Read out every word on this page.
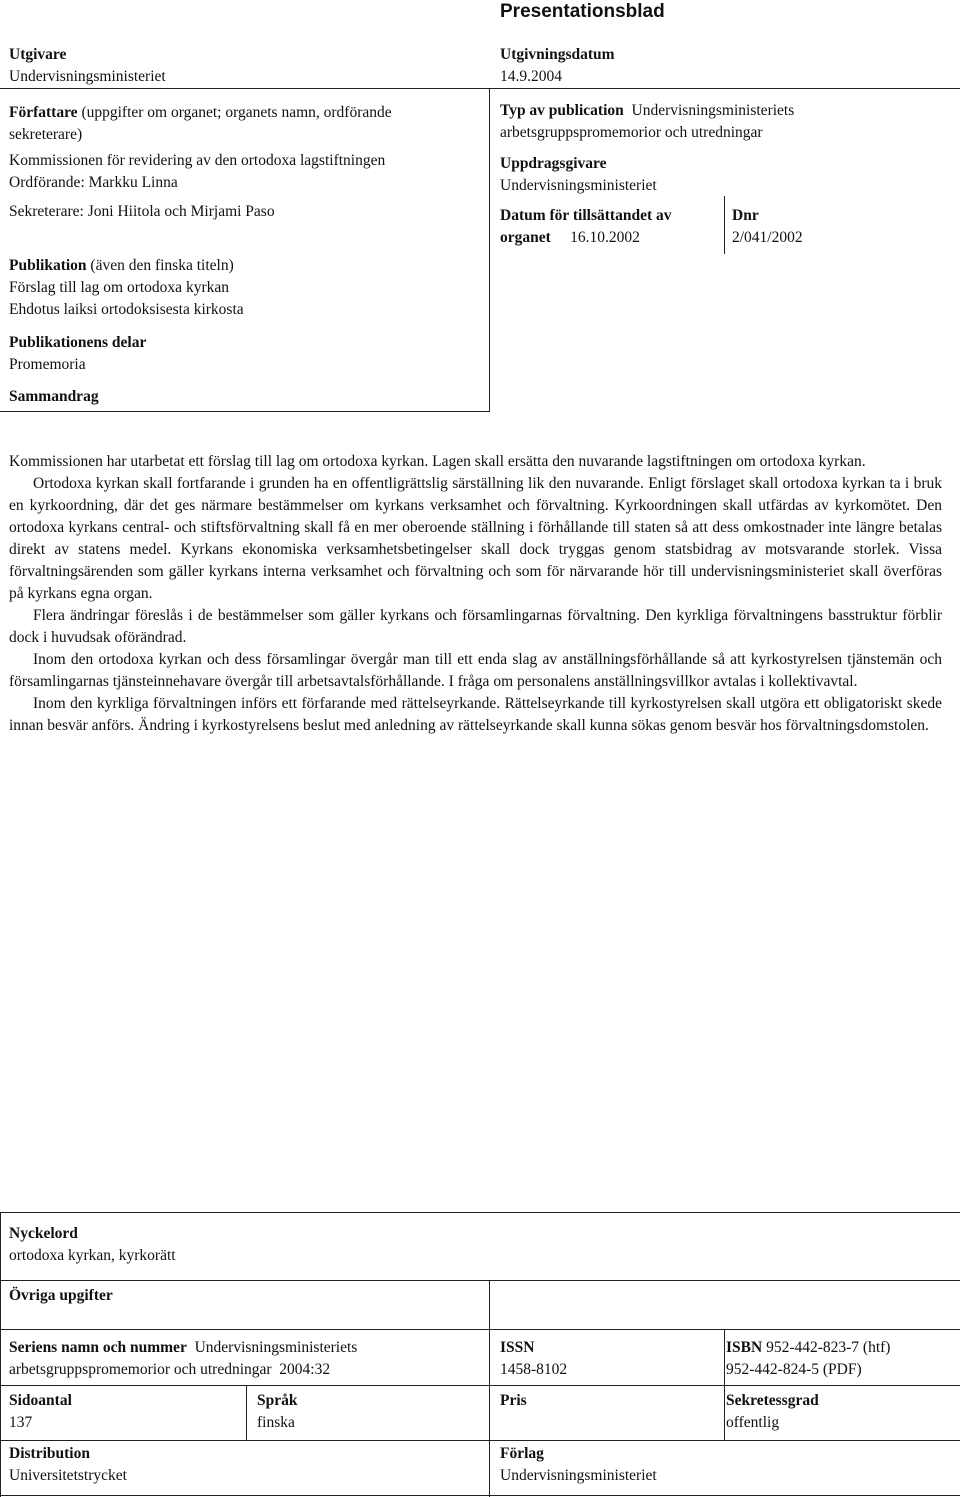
Presentationsblad
Utgivare
Undervisningsministeriet
Utgivningsdatum
14.9.2004
Författare (uppgifter om organet; organets namn, ordförande
sekreterare)
Kommissionen för revidering av den ortodoxa lagstiftningen
Ordförande: Markku Linna
Sekreterare: Joni Hiitola och Mirjami Paso
Publikation (även den finska titeln)
Förslag till lag om ortodoxa kyrkan
Ehdotus laiksi ortodoksisesta kirkosta
Publikationens delar
Promemoria
Typ av publication Undervisningsministeriets
arbetsgruppspromemorior och utredningar
Uppdragsgivare
Undervisningsministeriet
Datum för tillsättandet av
organet 16.10.2002
Dnr
2/041/2002
Sammandrag

Kommissionen har utarbetat ett förslag till lag om ortodoxa kyrkan. Lagen skall ersätta den nuvarande lagstiftningen om ortodoxa kyrkan.

Ortodoxa kyrkan skall fortfarande i grunden ha en offentligrättslig särställning lik den nuvarande. Enligt förslaget skall ortodoxa kyrkan ta i bruk en kyrkoordning, där det ges närmare bestämmelser om kyrkans verksamhet och förvaltning. Kyrkoordningen skall utfärdas av kyrkomötet. Den ortodoxa kyrkans central- och stiftsförvaltning skall få en mer oberoende ställning i förhållande till staten så att dess omkostnader inte längre betalas direkt av statens medel. Kyrkans ekonomiska verksamhetsbetingelser skall dock tryggas genom statsbidrag av motsvarande storlek. Vissa förvaltningsärenden som gäller kyrkans interna verksamhet och förvaltning och som för närvarande hör till undervisningsministeriet skall överföras på kyrkans egna organ.

Flera ändringar föreslås i de bestämmelser som gäller kyrkans och församlingarnas förvaltning. Den kyrkliga förvaltningens basstruktur förblir dock i huvudsak oförändrad.

Inom den ortodoxa kyrkan och dess församlingar övergår man till ett enda slag av anställningsförhållande så att kyrkostyrelsen tjänstemän och församlingarnas tjänsteinnehavare övergår till arbetsavtalsförhållande. I fråga om personalens anställningsvillkor avtalas i kollektivavtal.

Inom den kyrkliga förvaltningen införs ett förfarande med rättelseyrkande. Rättelseyrkande till kyrkostyrelsen skall utgöra ett obligatoriskt skede innan besvär anförs. Ändring i kyrkostyrelsens beslut med anledning av rättelseyrkande skall kunna sökas genom besvär hos förvaltningsdomstolen.

Nyckelord
ortodoxa kyrkan, kyrkorätt
Övriga upgifter
Seriens namn och nummer Undervisningsministeriets
arbetsgruppspromemorior och utredningar  2004:32
ISSN
1458-8102
ISBN 952-442-823-7 (htf)
952-442-824-5 (PDF)
Sidoantal
137
Språk
finska
Pris	Sekretessgrad
offentlig
Distribution
Universitetstrycket
Förlag
Undervisningsministeriet
